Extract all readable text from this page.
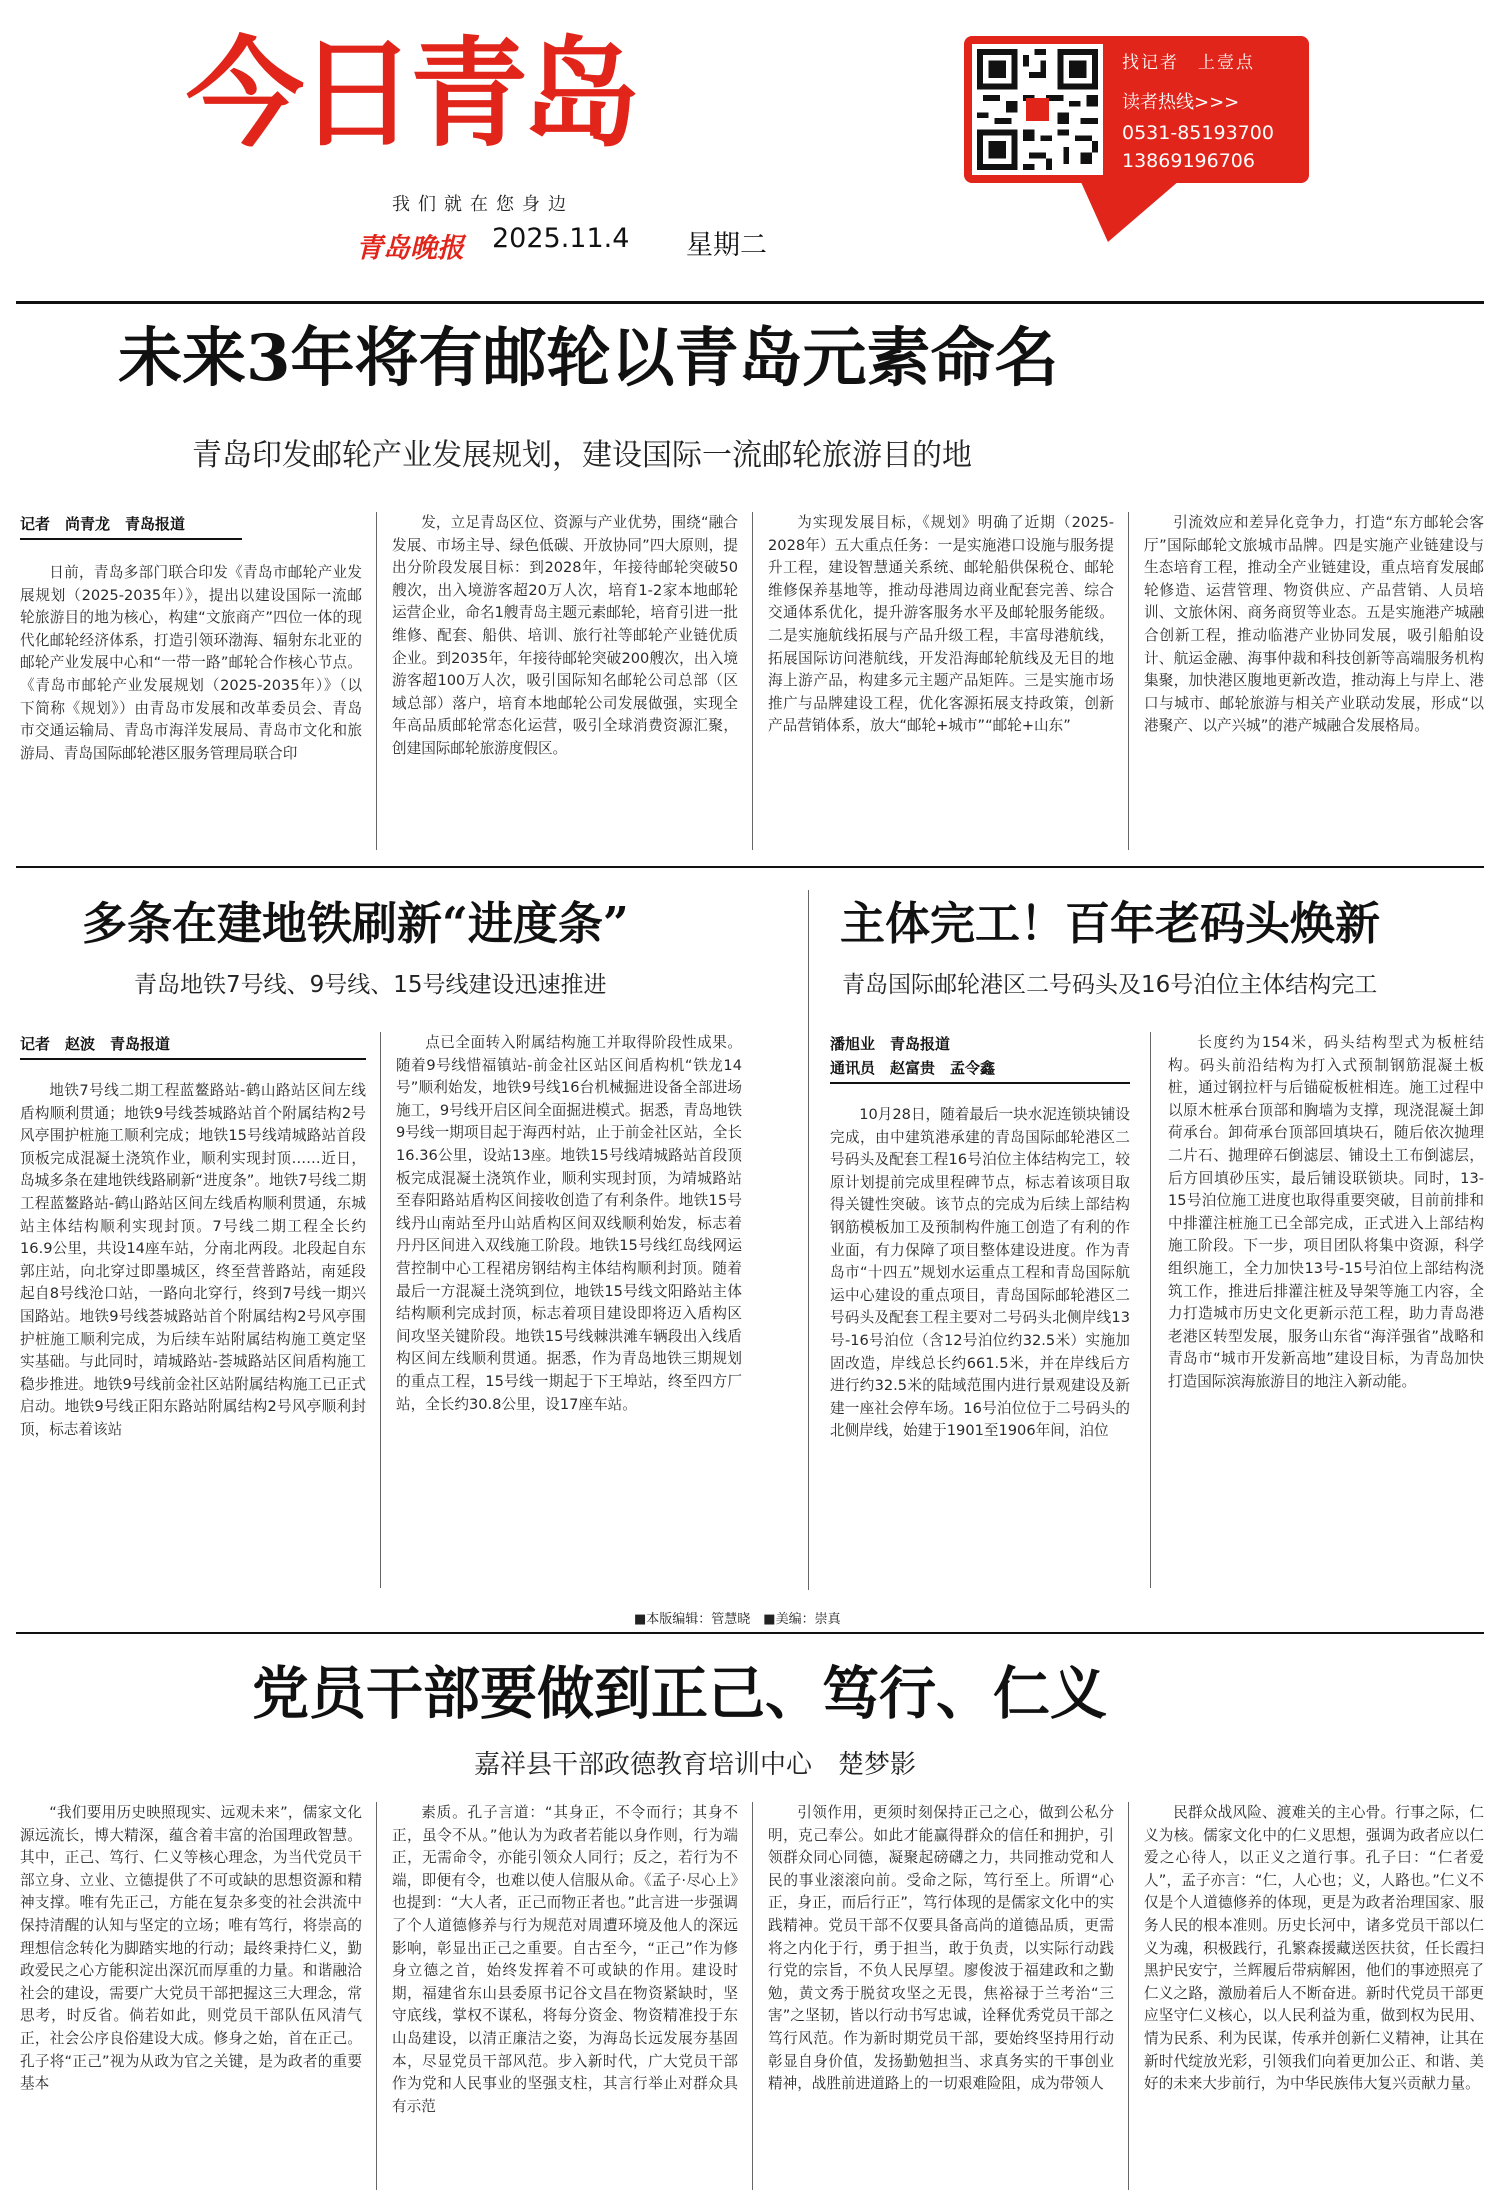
今日青岛
我们就在您身边
青岛晚报 2025.11.4 星期二
找记者　上壹点
读者热线>>>
0531-85193700
13869196706
未来3年将有邮轮以青岛元素命名
青岛印发邮轮产业发展规划，建设国际一流邮轮旅游目的地
记者　尚青龙　青岛报道

日前，青岛多部门联合印发《青岛市邮轮产业发展规划（2025-2035年）》，提出以建设国际一流邮轮旅游目的地为核心，构建“文旅商产”四位一体的现代化邮轮经济体系，打造引领环渤海、辐射东北亚的邮轮产业发展中心和“一带一路”邮轮合作核心节点。《青岛市邮轮产业发展规划（2025-2035年）》（以下简称《规划》）由青岛市发展和改革委员会、青岛市交通运输局、青岛市海洋发展局、青岛市文化和旅游局、青岛国际邮轮港区服务管理局联合印

发，立足青岛区位、资源与产业优势，围绕“融合发展、市场主导、绿色低碳、开放协同”四大原则，提出分阶段发展目标：到2028年，年接待邮轮突破50艘次，出入境游客超20万人次，培育1-2家本地邮轮运营企业，命名1艘青岛主题元素邮轮，培育引进一批维修、配套、船供、培训、旅行社等邮轮产业链优质企业。到2035年，年接待邮轮突破200艘次，出入境游客超100万人次，吸引国际知名邮轮公司总部（区域总部）落户，培育本地邮轮公司发展做强，实现全年高品质邮轮常态化运营，吸引全球消费资源汇聚，创建国际邮轮旅游度假区。

为实现发展目标，《规划》明确了近期（2025-2028年）五大重点任务：一是实施港口设施与服务提升工程，建设智慧通关系统、邮轮船供保税仓、邮轮维修保养基地等，推动母港周边商业配套完善、综合交通体系优化，提升游客服务水平及邮轮服务能级。二是实施航线拓展与产品升级工程，丰富母港航线，拓展国际访问港航线，开发沿海邮轮航线及无目的地海上游产品，构建多元主题产品矩阵。三是实施市场推广与品牌建设工程，优化客源拓展支持政策，创新产品营销体系，放大“邮轮+城市”“邮轮+山东”

引流效应和差异化竞争力，打造“东方邮轮会客厅”国际邮轮文旅城市品牌。四是实施产业链建设与生态培育工程，推动全产业链建设，重点培育发展邮轮修造、运营管理、物资供应、产品营销、人员培训、文旅休闲、商务商贸等业态。五是实施港产城融合创新工程，推动临港产业协同发展，吸引船舶设计、航运金融、海事仲裁和科技创新等高端服务机构集聚，加快港区腹地更新改造，推动海上与岸上、港口与城市、邮轮旅游与相关产业联动发展，形成“以港聚产、以产兴城”的港产城融合发展格局。

多条在建地铁刷新“进度条”
青岛地铁7号线、9号线、15号线建设迅速推进
记者　赵波　青岛报道

地铁7号线二期工程蓝鳌路站-鹤山路站区间左线盾构顺利贯通；地铁9号线荟城路站首个附属结构2号风亭围护桩施工顺利完成；地铁15号线靖城路站首段顶板完成混凝土浇筑作业，顺利实现封顶……近日，岛城多条在建地铁线路刷新“进度条”。地铁7号线二期工程蓝鳌路站-鹤山路站区间左线盾构顺利贯通，东城站主体结构顺利实现封顶。7号线二期工程全长约16.9公里，共设14座车站，分南北两段。北段起自东郭庄站，向北穿过即墨城区，终至营普路站，南延段起自8号线沧口站，一路向北穿行，终到7号线一期兴国路站。地铁9号线荟城路站首个附属结构2号风亭围护桩施工顺利完成，为后续车站附属结构施工奠定坚实基础。与此同时，靖城路站-荟城路站区间盾构施工稳步推进。地铁9号线前金社区站附属结构施工已正式启动。地铁9号线正阳东路站附属结构2号风亭顺利封顶，标志着该站

点已全面转入附属结构施工并取得阶段性成果。随着9号线惜福镇站-前金社区站区间盾构机“铁龙14号”顺利始发，地铁9号线16台机械掘进设备全部进场施工，9号线开启区间全面掘进模式。据悉，青岛地铁9号线一期项目起于海西村站，止于前金社区站，全长16.36公里，设站13座。地铁15号线靖城路站首段顶板完成混凝土浇筑作业，顺利实现封顶，为靖城路站至春阳路站盾构区间接收创造了有利条件。地铁15号线丹山南站至丹山站盾构区间双线顺利始发，标志着丹丹区间进入双线施工阶段。地铁15号线红岛线网运营控制中心工程裙房钢结构主体结构顺利封顶。随着最后一方混凝土浇筑到位，地铁15号线文阳路站主体结构顺利完成封顶，标志着项目建设即将迈入盾构区间攻坚关键阶段。地铁15号线棘洪滩车辆段出入线盾构区间左线顺利贯通。据悉，作为青岛地铁三期规划的重点工程，15号线一期起于下王埠站，终至四方厂站，全长约30.8公里，设17座车站。

主体完工！百年老码头焕新
青岛国际邮轮港区二号码头及16号泊位主体结构完工
潘旭业　青岛报道
通讯员　赵富贵　孟令鑫

10月28日，随着最后一块水泥连锁块铺设完成，由中建筑港承建的青岛国际邮轮港区二号码头及配套工程16号泊位主体结构完工，较原计划提前完成里程碑节点，标志着该项目取得关键性突破。该节点的完成为后续上部结构钢筋模板加工及预制构件施工创造了有利的作业面，有力保障了项目整体建设进度。作为青岛市“十四五”规划水运重点工程和青岛国际航运中心建设的重点项目，青岛国际邮轮港区二号码头及配套工程主要对二号码头北侧岸线13号-16号泊位（含12号泊位约32.5米）实施加固改造，岸线总长约661.5米，并在岸线后方进行约32.5米的陆域范围内进行景观建设及新建一座社会停车场。16号泊位位于二号码头的北侧岸线，始建于1901至1906年间，泊位

长度约为154米，码头结构型式为板桩结构。码头前沿结构为打入式预制钢筋混凝土板桩，通过钢拉杆与后锚碇板桩相连。施工过程中以原木桩承台顶部和胸墙为支撑，现浇混凝土卸荷承台。卸荷承台顶部回填块石，随后依次抛理二片石、抛理碎石倒滤层、铺设土工布倒滤层，后方回填砂压实，最后铺设联锁块。同时，13-15号泊位施工进度也取得重要突破，目前前排和中排灌注桩施工已全部完成，正式进入上部结构施工阶段。下一步，项目团队将集中资源，科学组织施工，全力加快13号-15号泊位上部结构浇筑工作，推进后排灌注桩及导架等施工内容，全力打造城市历史文化更新示范工程，助力青岛港老港区转型发展，服务山东省“海洋强省”战略和青岛市“城市开发新高地”建设目标，为青岛加快打造国际滨海旅游目的地注入新动能。

■本版编辑：管慧晓　■美编：崇真
党员干部要做到正己、笃行、仁义
嘉祥县干部政德教育培训中心　楚梦影

“我们要用历史映照现实、远观未来”，儒家文化源远流长，博大精深，蕴含着丰富的治国理政智慧。其中，正己、笃行、仁义等核心理念，为当代党员干部立身、立业、立德提供了不可或缺的思想资源和精神支撑。唯有先正己，方能在复杂多变的社会洪流中保持清醒的认知与坚定的立场；唯有笃行，将崇高的理想信念转化为脚踏实地的行动；最终秉持仁义，勤政爱民之心方能积淀出深沉而厚重的力量。和谐融洽社会的建设，需要广大党员干部把握这三大理念，常思考，时反省。倘若如此，则党员干部队伍风清气正，社会公序良俗建设大成。修身之始，首在正己。孔子将“正己”视为从政为官之关键，是为政者的重要基本

素质。孔子言道：“其身正，不令而行；其身不正，虽令不从。”他认为为政者若能以身作则，行为端正，无需命令，亦能引领众人同行；反之，若行为不端，即便有令，也难以使人信服从命。《孟子·尽心上》也提到：“大人者，正己而物正者也。”此言进一步强调了个人道德修养与行为规范对周遭环境及他人的深远影响，彰显出正己之重要。自古至今，“正己”作为修身立德之首，始终发挥着不可或缺的作用。建设时期，福建省东山县委原书记谷文昌在物资紧缺时，坚守底线，掌权不谋私，将每分资金、物资精准投于东山岛建设，以清正廉洁之姿，为海岛长远发展夯基固本，尽显党员干部风范。步入新时代，广大党员干部作为党和人民事业的坚强支柱，其言行举止对群众具有示范

引领作用，更须时刻保持正己之心，做到公私分明，克己奉公。如此才能赢得群众的信任和拥护，引领群众同心同德，凝聚起磅礴之力，共同推动党和人民的事业滚滚向前。受命之际，笃行至上。所谓“心正，身正，而后行正”，笃行体现的是儒家文化中的实践精神。党员干部不仅要具备高尚的道德品质，更需将之内化于行，勇于担当，敢于负责，以实际行动践行党的宗旨，不负人民厚望。廖俊波于福建政和之勤勉，黄文秀于脱贫攻坚之无畏，焦裕禄于兰考治“三害”之坚韧，皆以行动书写忠诚，诠释优秀党员干部之笃行风范。作为新时期党员干部，要始终坚持用行动彰显自身价值，发扬勤勉担当、求真务实的干事创业精神，战胜前进道路上的一切艰难险阻，成为带领人

民群众战风险、渡难关的主心骨。行事之际，仁义为核。儒家文化中的仁义思想，强调为政者应以仁爱之心待人，以正义之道行事。孔子曰：“仁者爱人”，孟子亦言：“仁，人心也；义，人路也。”仁义不仅是个人道德修养的体现，更是为政者治理国家、服务人民的根本准则。历史长河中，诸多党员干部以仁义为魂，积极践行，孔繁森援藏送医扶贫，任长霞扫黑护民安宁，兰辉履后带病解困，他们的事迹照亮了仁义之路，激励着后人不断奋进。新时代党员干部更应坚守仁义核心，以人民利益为重，做到权为民用、情为民系、利为民谋，传承并创新仁义精神，让其在新时代绽放光彩，引领我们向着更加公正、和谐、美好的未来大步前行，为中华民族伟大复兴贡献力量。
